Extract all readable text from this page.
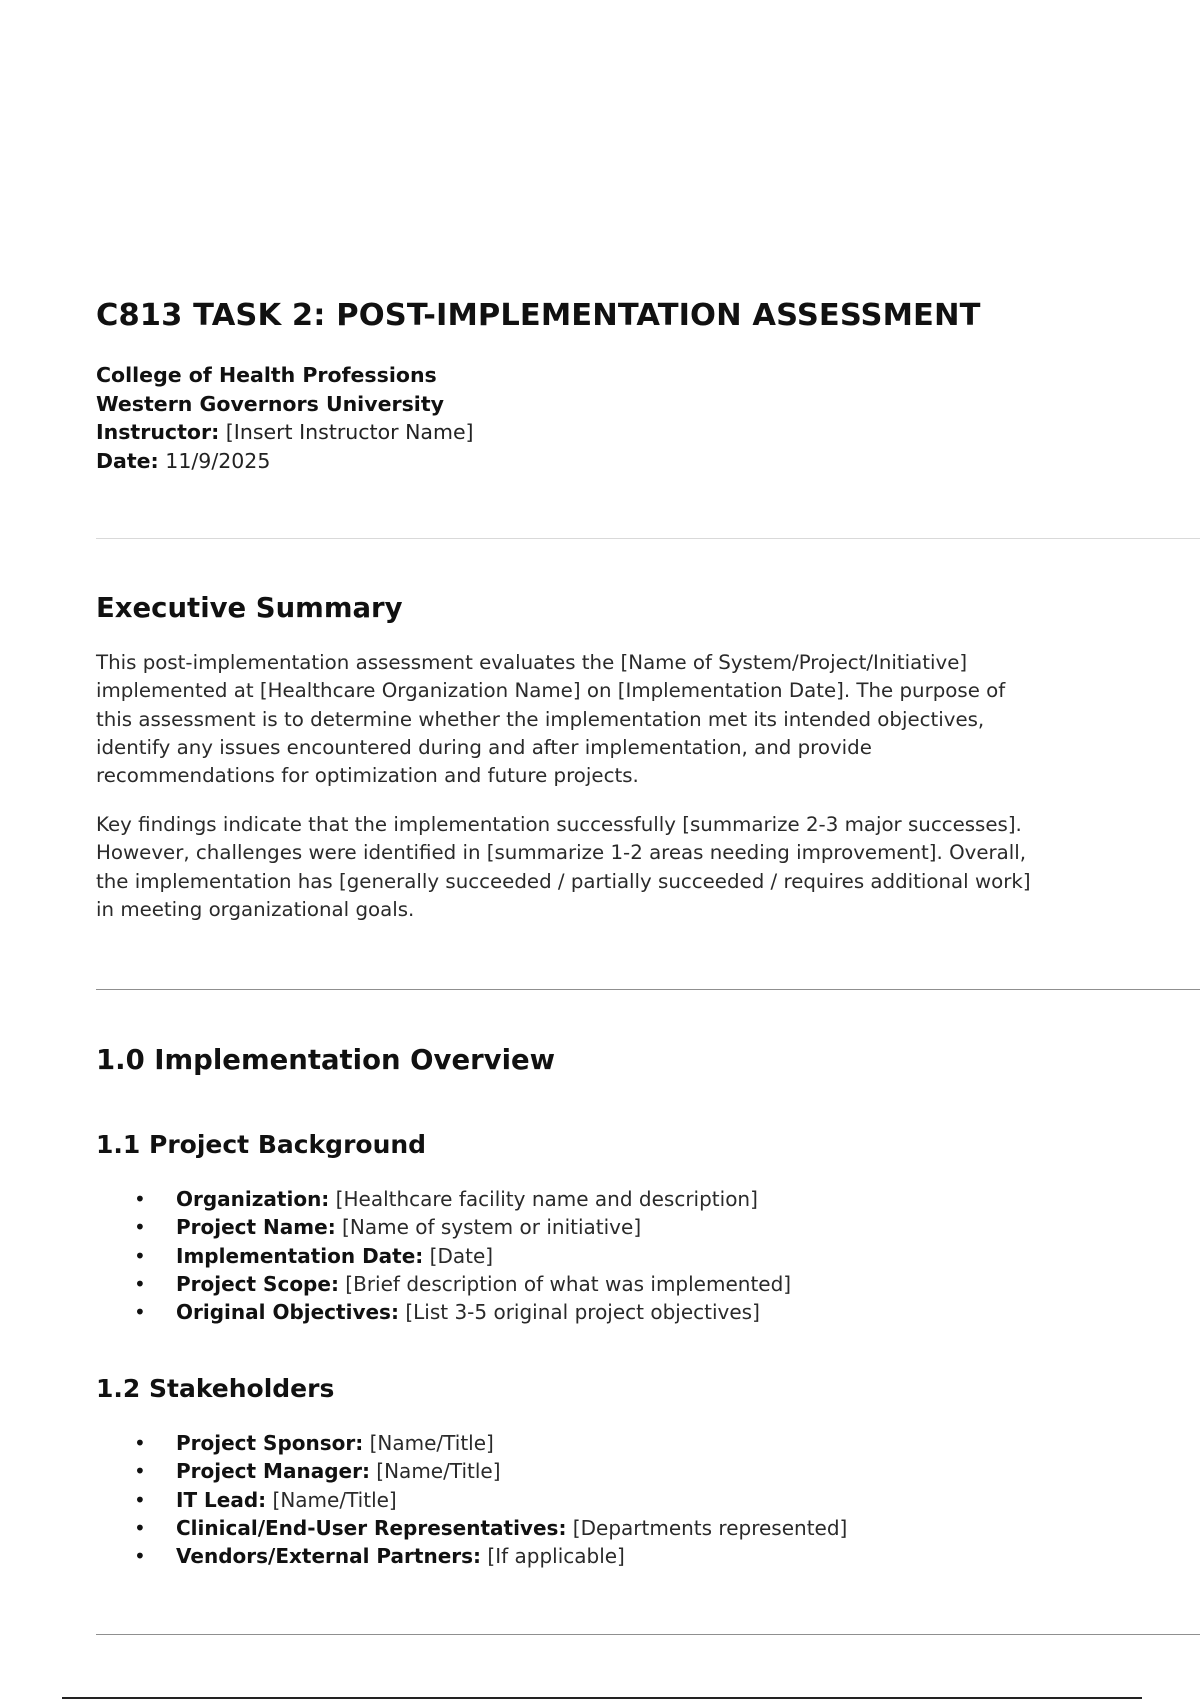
C813 TASK 2: POST-IMPLEMENTATION ASSESSMENT
College of Health Professions
Western Governors University
Instructor: [Insert Instructor Name]
Date: 11/9/2025
Executive Summary

This post-implementation assessment evaluates the [Name of System/Project/Initiative]
implemented at [Healthcare Organization Name] on [Implementation Date]. The purpose of
this assessment is to determine whether the implementation met its intended objectives,
identify any issues encountered during and after implementation, and provide
recommendations for optimization and future projects.

Key findings indicate that the implementation successfully [summarize 2-3 major successes].
However, challenges were identified in [summarize 1-2 areas needing improvement]. Overall,
the implementation has [generally succeeded / partially succeeded / requires additional work]
in meeting organizational goals.

1.0 Implementation Overview
1.1 Project Background
• Organization: [Healthcare facility name and description]
• Project Name: [Name of system or initiative]
• Implementation Date: [Date]
• Project Scope: [Brief description of what was implemented]
• Original Objectives: [List 3-5 original project objectives]
1.2 Stakeholders
• Project Sponsor: [Name/Title]
• Project Manager: [Name/Title]
• IT Lead: [Name/Title]
• Clinical/End-User Representatives: [Departments represented]
• Vendors/External Partners: [If applicable]
